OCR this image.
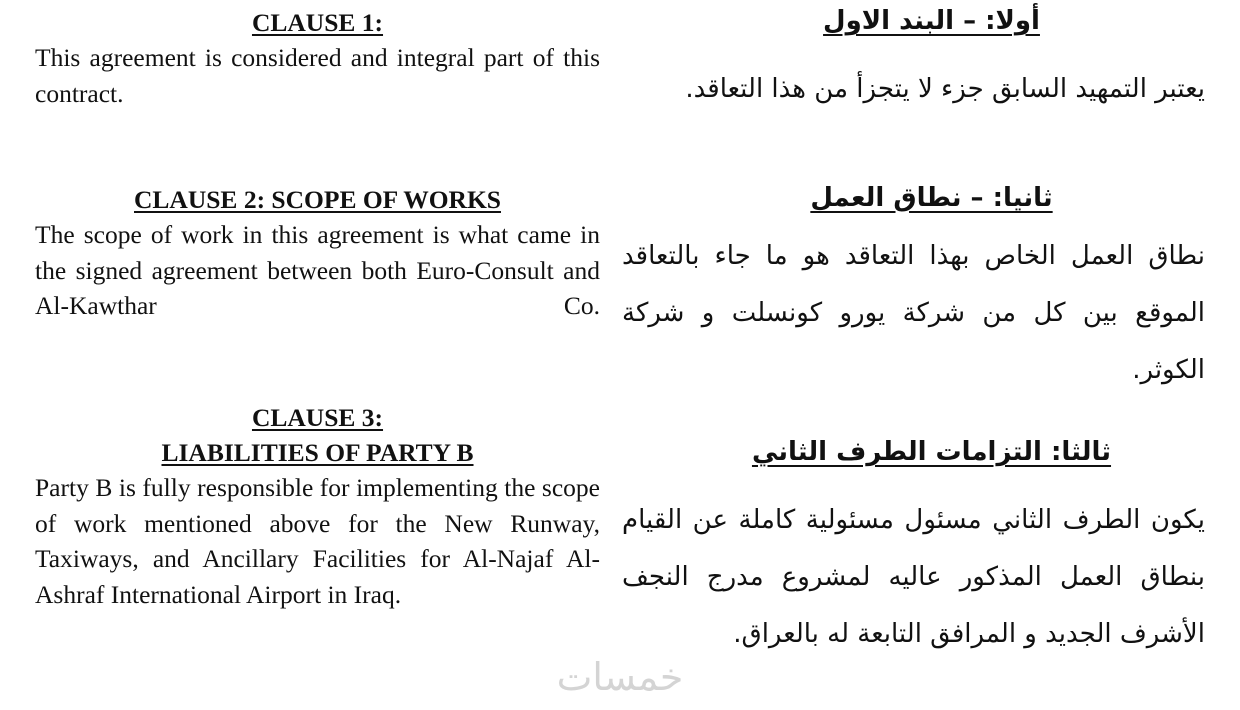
CLAUSE 1:

This agreement is considered and integral part of this contract.

CLAUSE 2: SCOPE OF WORKS

The scope of work in this agreement is what came in the signed agreement between both Euro-Consult and Al-Kawthar Co.

CLAUSE 3:
LIABILITIES OF PARTY B

Party B is fully responsible for implementing the scope of work mentioned above for the New Runway, Taxiways, and Ancillary Facilities for Al-Najaf Al-Ashraf International Airport in Iraq.

أولا: – البند الاول

يعتبر التمهيد السابق جزء لا يتجزأ من هذا التعاقد.

ثانيا: – نطاق العمل

نطاق العمل الخاص بهذا التعاقد هو ما جاء بالتعاقد الموقع بين كل من شركة يورو كونسلت و شركة الكوثر.

ثالثا: التزامات الطرف الثاني

يكون الطرف الثاني مسئول مسئولية كاملة عن القيام بنطاق العمل المذكور عاليه لمشروع مدرج النجف الأشرف الجديد و المرافق التابعة له بالعراق.

خمسات
